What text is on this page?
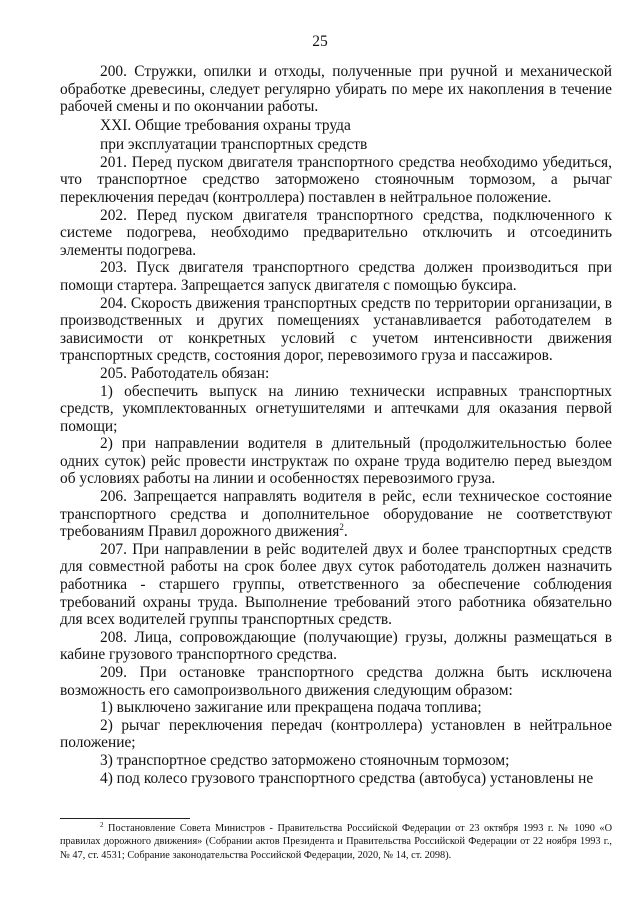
25

200. Стружки, опилки и отходы, полученные при ручной и механической обработке древесины, следует регулярно убирать по мере их накопления в течение рабочей смены и по окончании работы.

XXI. Общие требования охраны труда
при эксплуатации транспортных средств

201. Перед пуском двигателя транспортного средства необходимо убедиться, что транспортное средство заторможено стояночным тормозом, а рычаг переключения передач (контроллера) поставлен в нейтральное положение.

202. Перед пуском двигателя транспортного средства, подключенного к системе подогрева, необходимо предварительно отключить и отсоединить элементы подогрева.

203. Пуск двигателя транспортного средства должен производиться при помощи стартера. Запрещается запуск двигателя с помощью буксира.

204. Скорость движения транспортных средств по территории организации, в производственных и других помещениях устанавливается работодателем в зависимости от конкретных условий с учетом интенсивности движения транспортных средств, состояния дорог, перевозимого груза и пассажиров.

205. Работодатель обязан:

1) обеспечить выпуск на линию технически исправных транспортных средств, укомплектованных огнетушителями и аптечками для оказания первой помощи;

2) при направлении водителя в длительный (продолжительностью более одних суток) рейс провести инструктаж по охране труда водителю перед выездом об условиях работы на линии и особенностях перевозимого груза.

206. Запрещается направлять водителя в рейс, если техническое состояние транспортного средства и дополнительное оборудование не соответствуют требованиям Правил дорожного движения$^2$.

207. При направлении в рейс водителей двух и более транспортных средств для совместной работы на срок более двух суток работодатель должен назначить работника - старшего группы, ответственного за обеспечение соблюдения требований охраны труда. Выполнение требований этого работника обязательно для всех водителей группы транспортных средств.

208. Лица, сопровождающие (получающие) грузы, должны размещаться в кабине грузового транспортного средства.

209. При остановке транспортного средства должна быть исключена возможность его самопроизвольного движения следующим образом:

1) выключено зажигание или прекращена подача топлива;

2) рычаг переключения передач (контроллера) установлен в нейтральное положение;

3) транспортное средство заторможено стояночным тормозом;

4) под колесо грузового транспортного средства (автобуса) установлены не

$^2$ Постановление Совета Министров - Правительства Российской Федерации от 23 октября 1993 г. № 1090 «О правилах дорожного движения» (Собрании актов Президента и Правительства Российской Федерации от 22 ноября 1993 г., № 47, ст. 4531; Собрание законодательства Российской Федерации, 2020, № 14, ст. 2098).
